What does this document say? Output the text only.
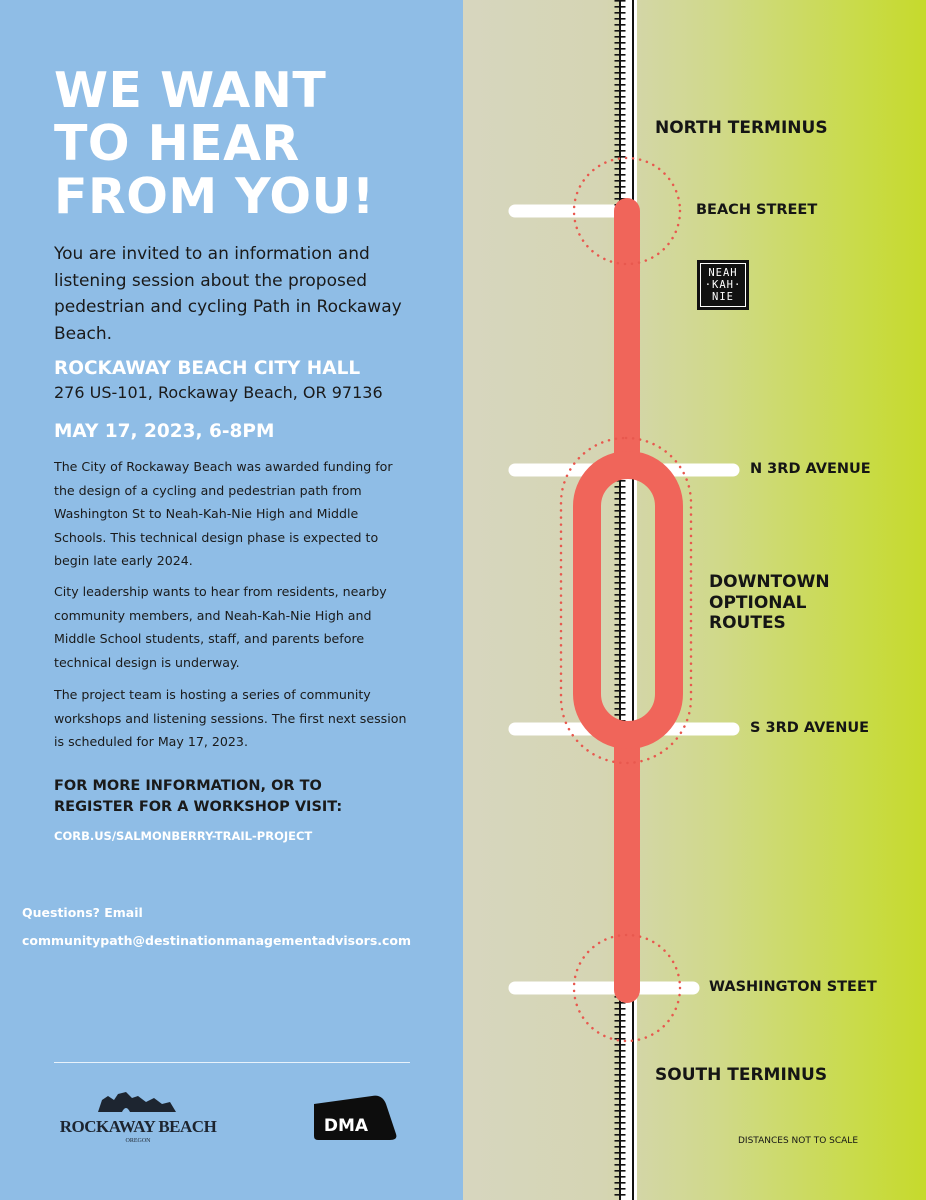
WE WANT
TO HEAR
FROM YOU!

You are invited to an information and listening session about the proposed pedestrian and cycling Path in Rockaway Beach.

ROCKAWAY BEACH CITY HALL

276 US-101, Rockaway Beach, OR 97136

MAY 17, 2023, 6-8PM

The City of Rockaway Beach was awarded funding for the design of a cycling and pedestrian path from Washington St to Neah-Kah-Nie High and Middle Schools. This technical design phase is expected to begin late early 2024.

City leadership wants to hear from residents, nearby community members, and Neah-Kah-Nie High and Middle School students, staff, and parents before technical design is underway.

The project team is hosting a series of community workshops and listening sessions. The first next session is scheduled for May 17, 2023.

FOR MORE INFORMATION, OR TO
REGISTER FOR A WORKSHOP VISIT:

CORB.US/SALMONBERRY-TRAIL-PROJECT

Questions? Email

communitypath@destinationmanagementadvisors.com

ROCKAWAY BEACH
OREGON
DMA
NEAH
·KAH·
NIE

NORTH TERMINUS

BEACH STREET

N 3RD AVENUE

DOWNTOWN
OPTIONAL
ROUTES

S 3RD AVENUE

WASHINGTON STEET

SOUTH TERMINUS

DISTANCES NOT TO SCALE
